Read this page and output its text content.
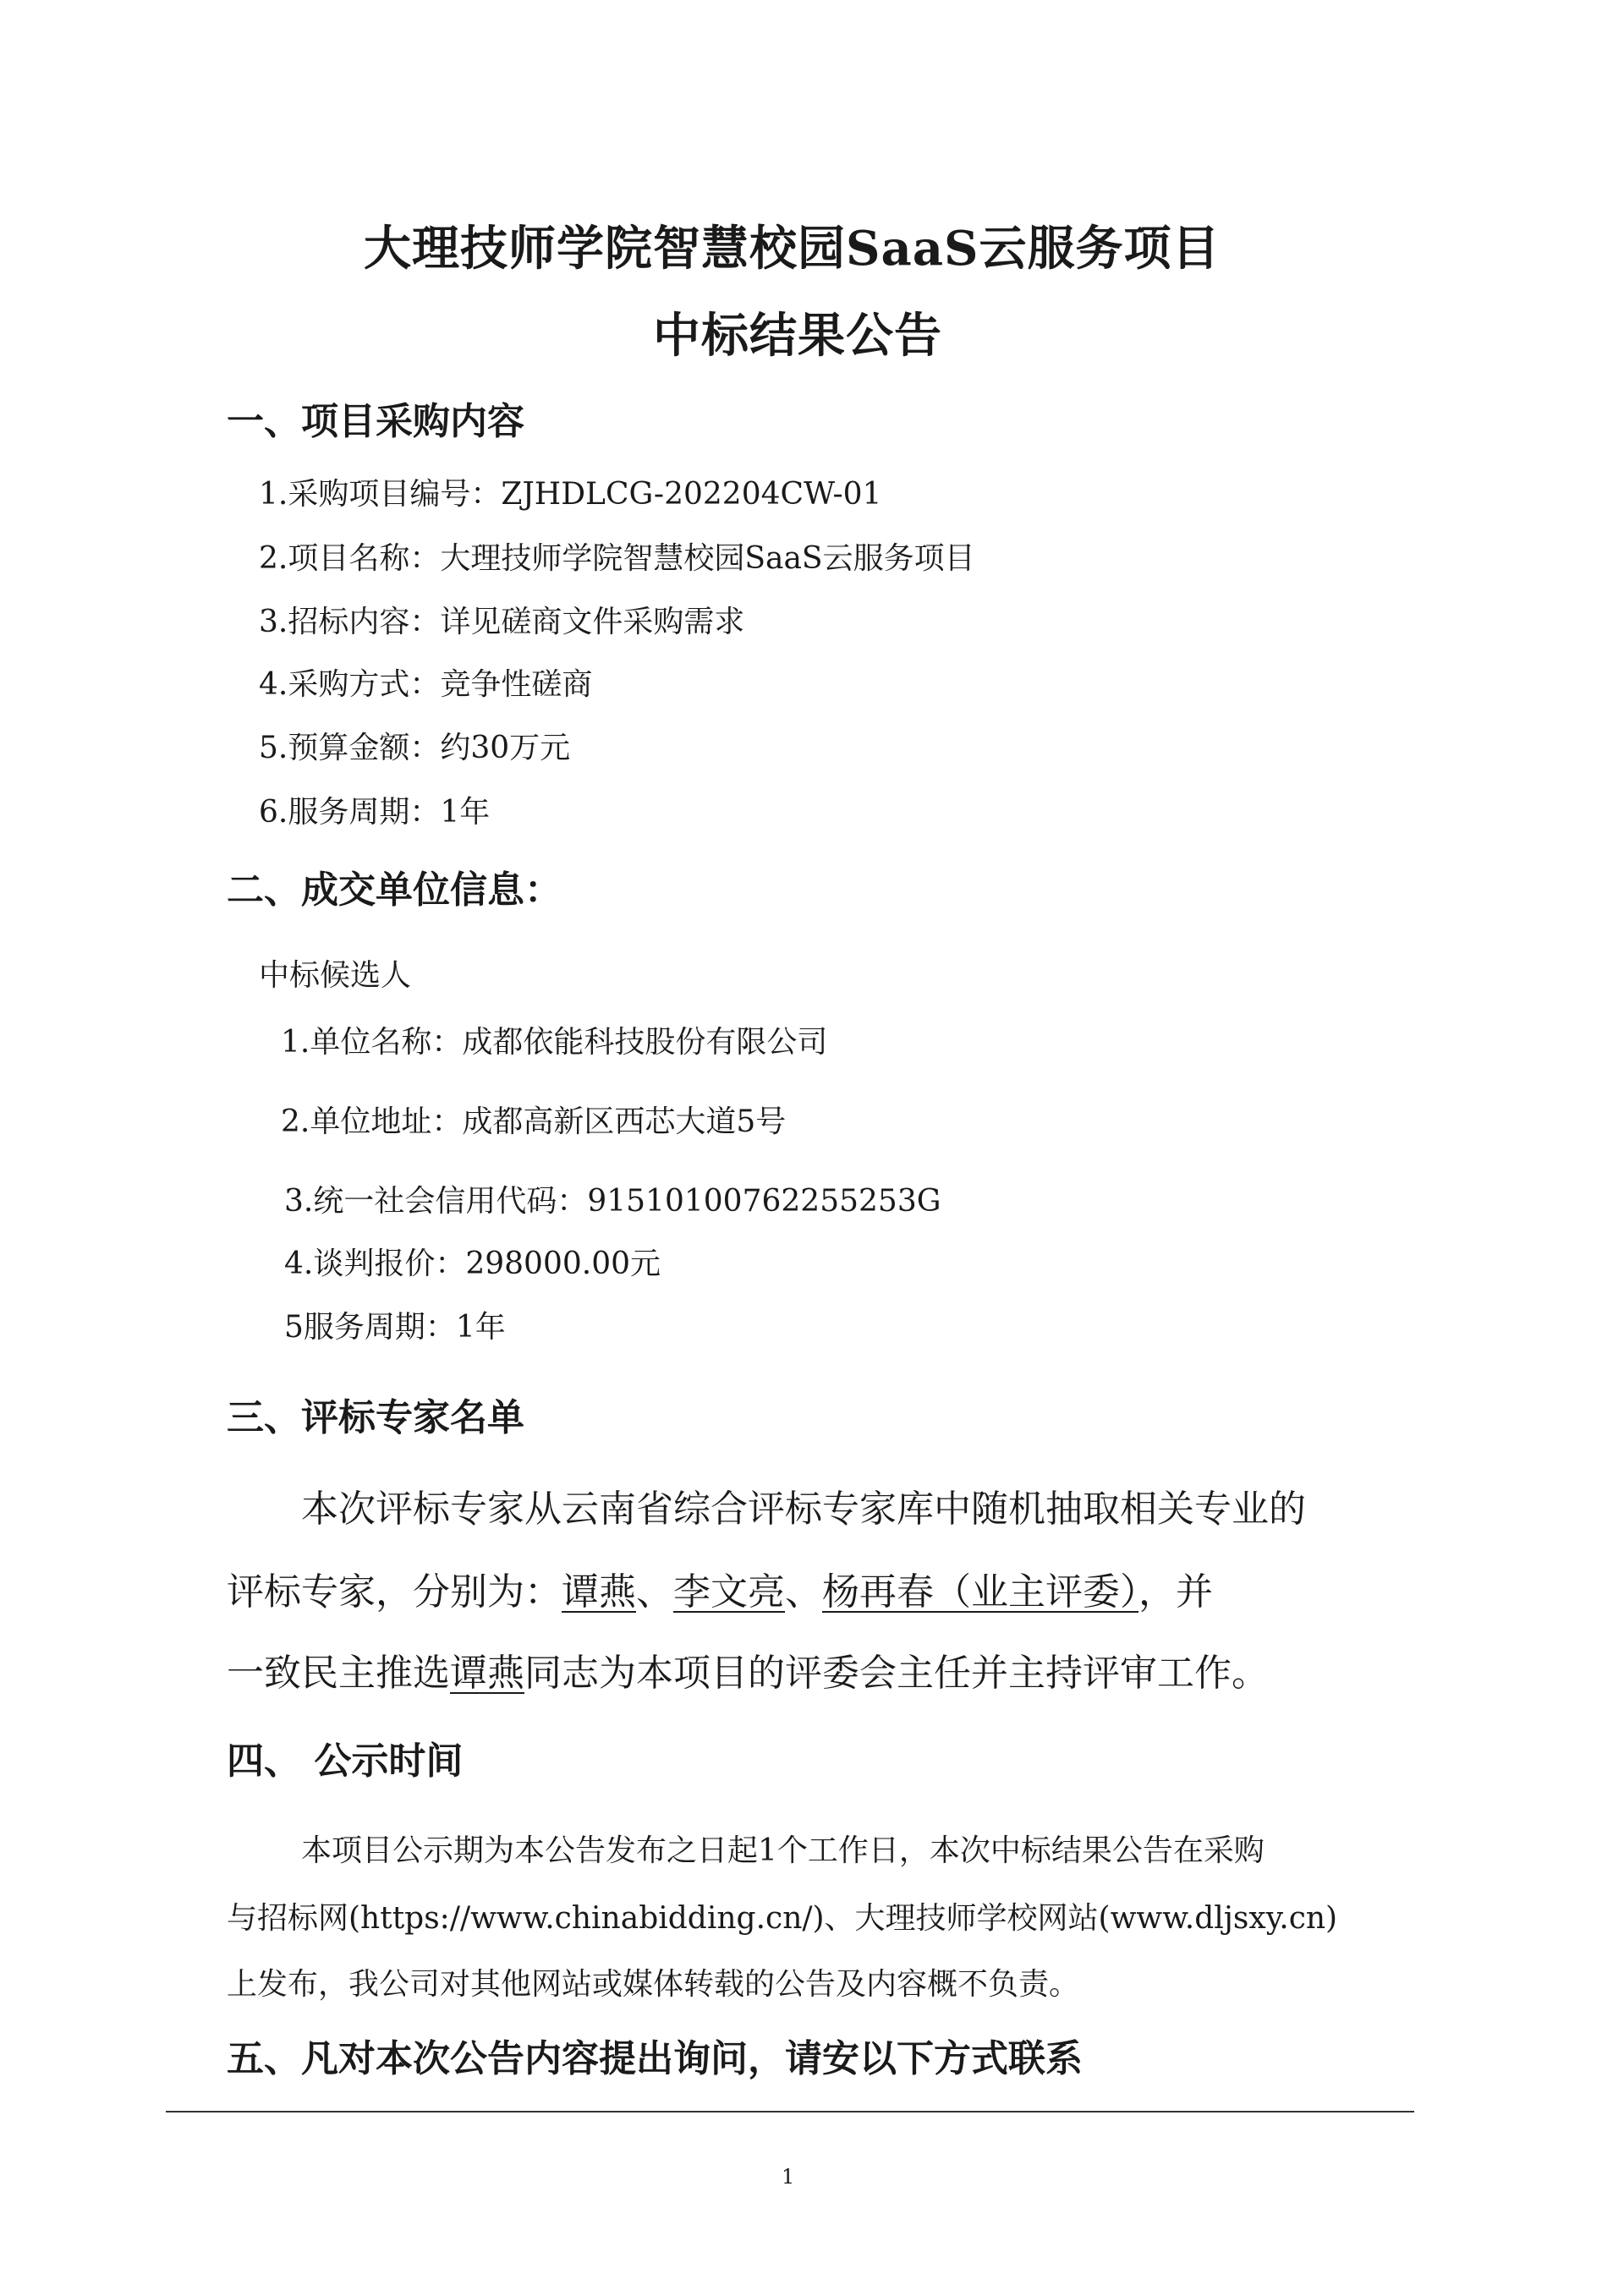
大理技师学院智慧校园SaaS云服务项目
中标结果公告
一、项目采购内容
1.采购项目编号：ZJHDLCG-202204CW-01
2.项目名称：大理技师学院智慧校园SaaS云服务项目
3.招标内容：详见磋商文件采购需求
4.采购方式：竞争性磋商
5.预算金额：约30万元
6.服务周期：1年
二、成交单位信息：
中标候选人
1.单位名称：成都依能科技股份有限公司
2.单位地址：成都高新区西芯大道5号
3.统一社会信用代码：91510100762255253G
4.谈判报价：298000.00元
5服务周期：1年
三、评标专家名单
本次评标专家从云南省综合评标专家库中随机抽取相关专业的
评标专家，分别为：谭燕、李文亮、杨再春（业主评委），并
一致民主推选谭燕同志为本项目的评委会主任并主持评审工作。
四、 公示时间
本项目公示期为本公告发布之日起1个工作日，本次中标结果公告在采购
与招标网(https://www.chinabidding.cn/)、大理技师学校网站(www.dljsxy.cn)
上发布，我公司对其他网站或媒体转载的公告及内容概不负责。
五、凡对本次公告内容提出询问，请安以下方式联系
1
